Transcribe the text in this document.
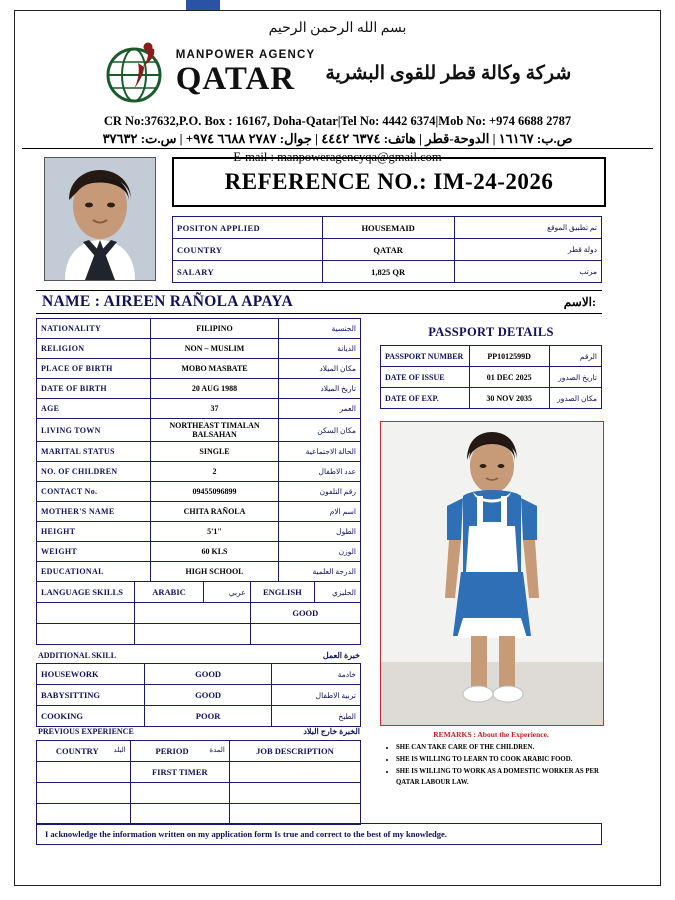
بسم الله الرحمن الرحيم
MANPOWER AGENCY
QATAR	شركة وكالة قطر للقوى البشرية
CR No:37632,P.O. Box : 16167, Doha-Qatar|Tel No: 4442 6374|Mob No: +974 6688 2787
ص.ب: ١٦١٦٧ | الدوحة-قطر | هاتف: ٦٣٧٤ ٤٤٤٢ | جوال: ٢٧٨٧ ٦٦٨٨ ٩٧٤+ | س.ت: ٣٧٦٣٢
E-mail : manpoweragencyqa@gmail.com
REFERENCE NO.: IM-24-2026
POSITON APPLIED	HOUSEMAID	تم تطبيق الموقع
COUNTRY	QATAR	دولة قطر
SALARY	1,825 QR	مرتب
NAME : AIREEN RAÑOLA APAYA	الاسم:
NATIONALITY	FILIPINO	الجنسية
RELIGION	NON – MUSLIM	الديانة
PLACE OF BIRTH	MOBO MASBATE	مكان الميلاد
DATE OF BIRTH	20 AUG 1988	تاريخ الميلاد
AGE	37	العمر
LIVING TOWN	NORTHEAST TIMALAN BALSAHAN	مكان السكن
MARITAL STATUS	SINGLE	الحالة الاجتماعية
NO. OF CHILDREN	2	عدد الاطفال
CONTACT No.	09455096899	رقم التلفون
MOTHER'S NAME	CHITA RAÑOLA	اسم الام
HEIGHT	5'1"	الطول
WEIGHT	60 KLS	الوزن
EDUCATIONAL	HIGH SCHOOL	الدرجة العلمية
PASSPORT DETAILS
PASSPORT NUMBER	PP1012599D	الرقم
DATE OF ISSUE	01 DEC 2025	تاريخ الصدور
DATE OF EXP.	30 NOV 2035	مكان الصدور
LANGUAGE SKILLS	ARABIC	عربي	ENGLISH	الجليزي
			GOOD	

ADDITIONAL SKILL	خبرة العمل
HOUSEWORK	GOOD	خادمة
BABYSITTING	GOOD	تربية الاطفال
COOKING	POOR	الطبخ
PREVIOUS EXPERIENCE	الخبرة خارج البلاد
COUNTRY البلد	PERIOD المدة	JOB DESCRIPTION
	FIRST TIMER	

REMARKS : About the Experience.
• SHE CAN TAKE CARE OF THE CHILDREN.
• SHE IS WILLING TO LEARN TO COOK ARABIC FOOD.
• SHE IS WILLING TO WORK AS A DOMESTIC WORKER AS PER QATAR LABOUR LAW.
I acknowledge the information written on my application form Is true and correct to the best of my knowledge.
